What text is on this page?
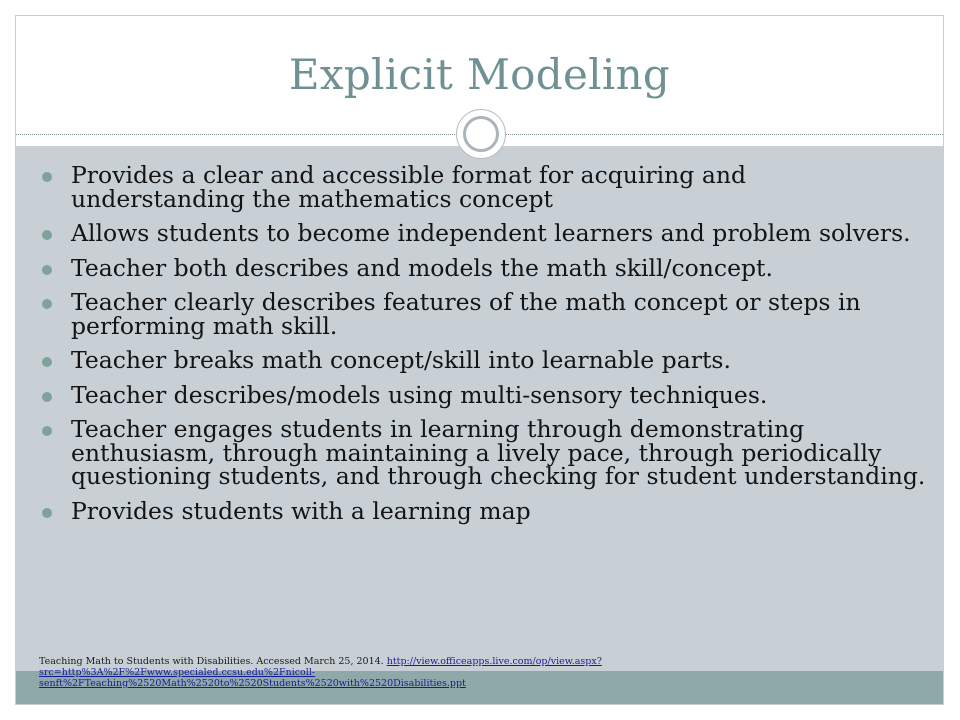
Explicit Modeling
Provides a clear and accessible format for acquiring and understanding the mathematics concept
Allows students to become independent learners and problem solvers.
Teacher both describes and models the math skill/concept.
Teacher clearly describes features of the math concept or steps in performing math skill.
Teacher breaks math concept/skill into learnable parts.
Teacher describes/models using multi-sensory techniques.
Teacher engages students in learning through demonstrating enthusiasm, through maintaining a lively pace, through periodically questioning students, and through checking for student understanding.
Provides students with a learning map
Teaching Math to Students with Disabilities. Accessed March 25, 2014. http://view.officeapps.live.com/op/view.aspx?src=http%3A%2F%2Fwww.specialed.ccsu.edu%2Fnicoll-senft%2FTeaching%2520Math%2520to%2520Students%2520with%2520Disabilities.ppt
